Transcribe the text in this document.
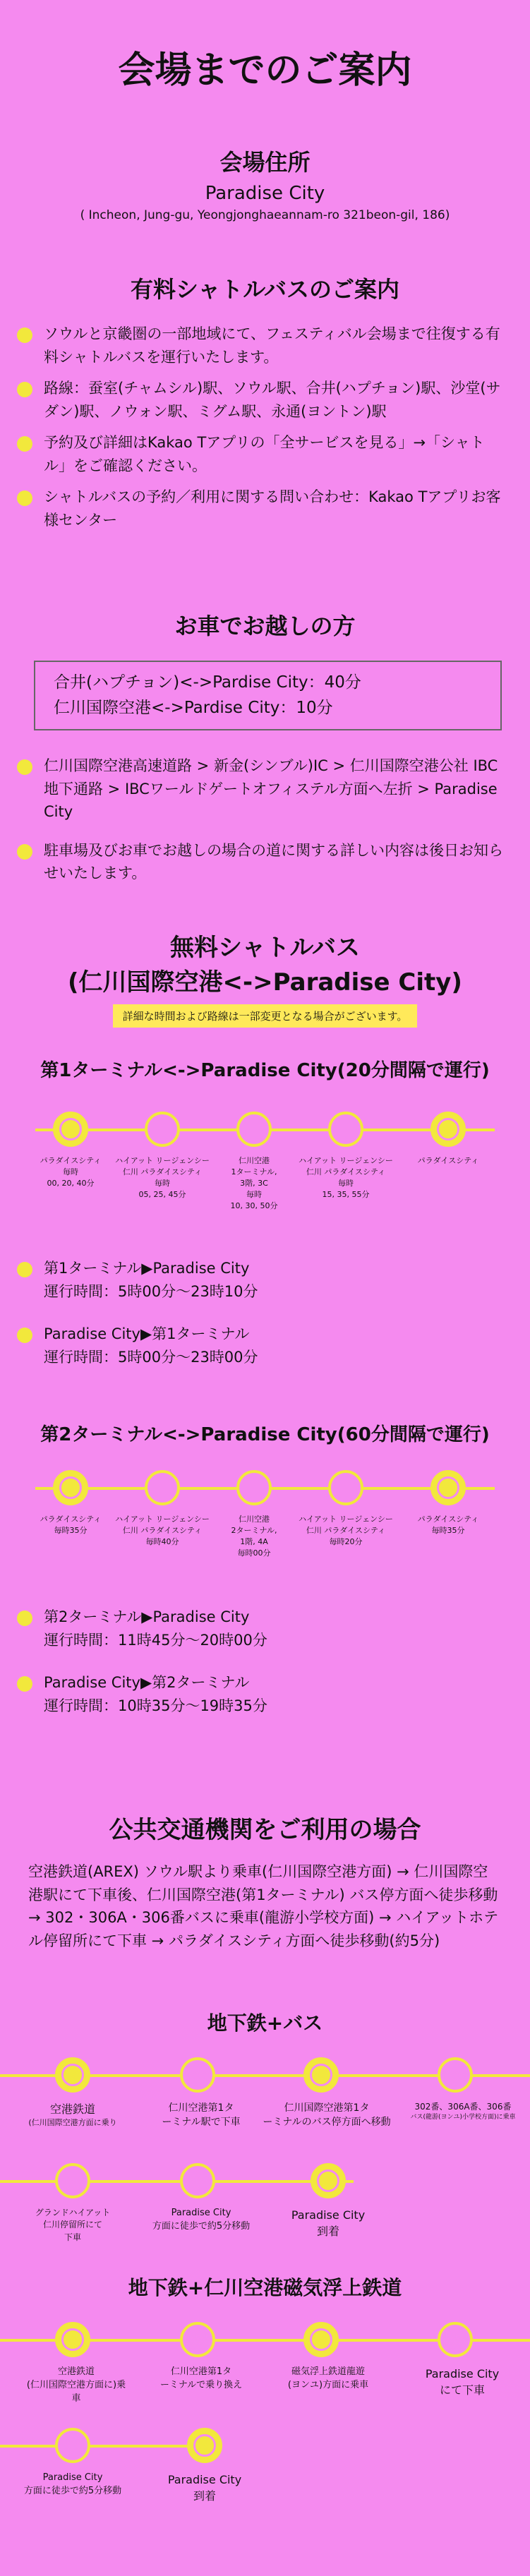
会場までのご案内
会場住所
Paradise City
( Incheon, Jung-gu, Yeongjonghaeannam-ro 321beon-gil, 186)
有料シャトルバスのご案内
ソウルと京畿圏の一部地域にて、フェスティバル会場まで往復する有料シャトルバスを運行いたします。
路線：蚕室(チャムシル)駅、ソウル駅、合井(ハプチョン)駅、沙堂(サダン)駅、ノウォン駅、ミグム駅、永通(ヨントン)駅
予約及び詳細はKakao Tアプリの「全サービスを見る」→「シャトル」をご確認ください。
シャトルバスの予約／利用に関する問い合わせ：Kakao Tアプリお客様センター
お車でお越しの方
合井(ハプチョン)<->Pardise City：40分
仁川国際空港<->Pardise City：10分
仁川国際空港高速道路 > 新金(シンブル)IC > 仁川国際空港公社 IBC地下通路 > IBCワールドゲートオフィステル方面へ左折 > Paradise City
駐車場及びお車でお越しの場合の道に関する詳しい内容は後日お知らせいたします。
無料シャトルバス
(仁川国際空港<->Paradise City)
詳細な時間および路線は一部変更となる場合がございます。
第1ターミナル<->Paradise City(20分間隔で運行)
パラダイスシティ
毎時
00, 20, 40分
ハイアット リージェンシー
仁川 パラダイスシティ
毎時
05, 25, 45分
仁川空港
1ターミナル,
3階, 3C
毎時
10, 30, 50分
ハイアット リージェンシー
仁川 パラダイスシティ
毎時
15, 35, 55分
パラダイスシティ
第1ターミナル▶Paradise City
運行時間：5時00分～23時10分
Paradise City▶第1ターミナル
運行時間：5時00分～23時00分
第2ターミナル<->Paradise City(60分間隔で運行)
パラダイスシティ
毎時35分
ハイアット リージェンシー
仁川 パラダイスシティ
毎時40分
仁川空港
2ターミナル,
1階, 4A
毎時00分
ハイアット リージェンシー
仁川 パラダイスシティ
毎時20分
パラダイスシティ
毎時35分
第2ターミナル▶Paradise City
運行時間：11時45分～20時00分
Paradise City▶第2ターミナル
運行時間：10時35分～19時35分
公共交通機関をご利用の場合
空港鉄道(AREX) ソウル駅より乗車(仁川国際空港方面) → 仁川国際空港駅にて下車後、仁川国際空港(第1ターミナル) バス停方面へ徒歩移動 → 302・306A・306番バスに乗車(龍游小学校方面) → ハイアットホテル停留所にて下車 → パラダイスシティ方面へ徒歩移動(約5分)
地下鉄+バス
空港鉄道
(仁川国際空港方面に乗り
仁川空港第1タ
ーミナル駅で下車
仁川国際空港第1タ
ーミナルのバス停方面へ移動
302番、306A番、306番
バス(龍游(ヨンユ)小学校方面)に乗車
グランドハイアット
仁川停留所にて
下車
Paradise City
方面に徒歩で約5分移動
Paradise City
到着
地下鉄+仁川空港磁気浮上鉄道
空港鉄道
(仁川国際空港方面に)乗車
仁川空港第1タ
ーミナルで乗り換え
磁気浮上鉄道龍遊
(ヨンユ)方面に乗車
Paradise City
にて下車
Paradise City
方面に徒歩で約5分移動
Paradise City
到着
